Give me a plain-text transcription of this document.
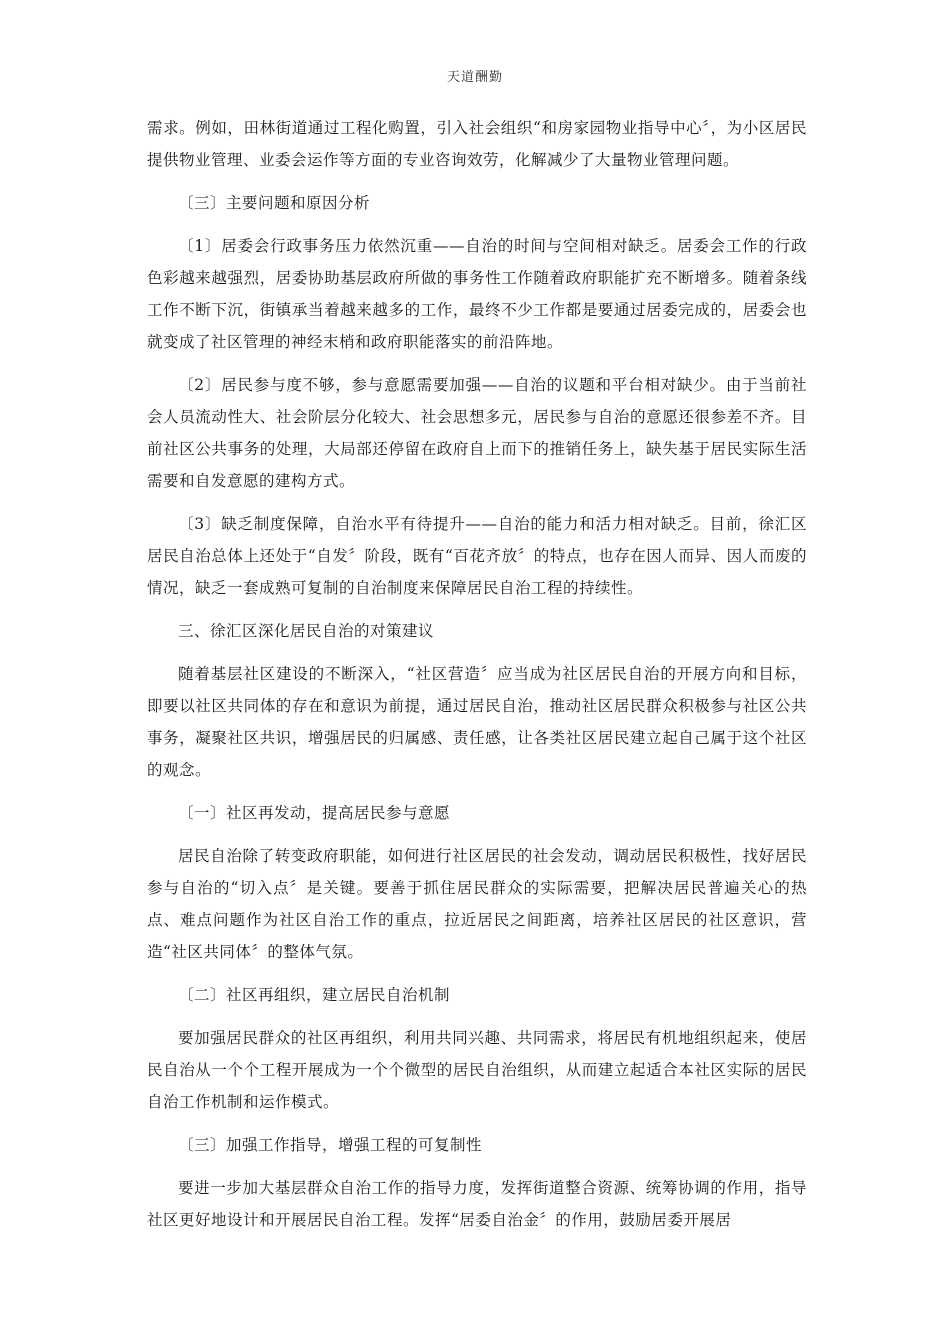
天道酬勤

需求。例如，田林街道通过工程化购置，引入社会组织“和房家园物业指导中心〞，为小区居民提供物业管理、业委会运作等方面的专业咨询效劳，化解减少了大量物业管理问题。

〔三〕主要问题和原因分析

〔1〕居委会行政事务压力依然沉重——自治的时间与空间相对缺乏。居委会工作的行政色彩越来越强烈，居委协助基层政府所做的事务性工作随着政府职能扩充不断增多。随着条线工作不断下沉，街镇承当着越来越多的工作，最终不少工作都是要通过居委完成的，居委会也就变成了社区管理的神经末梢和政府职能落实的前沿阵地。

〔2〕居民参与度不够，参与意愿需要加强——自治的议题和平台相对缺少。由于当前社会人员流动性大、社会阶层分化较大、社会思想多元，居民参与自治的意愿还很参差不齐。目前社区公共事务的处理，大局部还停留在政府自上而下的推销任务上，缺失基于居民实际生活需要和自发意愿的建构方式。

〔3〕缺乏制度保障，自治水平有待提升——自治的能力和活力相对缺乏。目前，徐汇区居民自治总体上还处于“自发〞阶段，既有“百花齐放〞的特点，也存在因人而异、因人而废的情况，缺乏一套成熟可复制的自治制度来保障居民自治工程的持续性。

三、徐汇区深化居民自治的对策建议

随着基层社区建设的不断深入，“社区营造〞应当成为社区居民自治的开展方向和目标，即要以社区共同体的存在和意识为前提，通过居民自治，推动社区居民群众积极参与社区公共事务，凝聚社区共识，增强居民的归属感、责任感，让各类社区居民建立起自己属于这个社区的观念。

〔一〕社区再发动，提高居民参与意愿

居民自治除了转变政府职能，如何进行社区居民的社会发动，调动居民积极性，找好居民参与自治的“切入点〞是关键。要善于抓住居民群众的实际需要，把解决居民普遍关心的热点、难点问题作为社区自治工作的重点，拉近居民之间距离，培养社区居民的社区意识，营造“社区共同体〞的整体气氛。

〔二〕社区再组织，建立居民自治机制

要加强居民群众的社区再组织，利用共同兴趣、共同需求，将居民有机地组织起来，使居民自治从一个个工程开展成为一个个微型的居民自治组织，从而建立起适合本社区实际的居民自治工作机制和运作模式。

〔三〕加强工作指导，增强工程的可复制性

要进一步加大基层群众自治工作的指导力度，发挥街道整合资源、统筹协调的作用，指导社区更好地设计和开展居民自治工程。发挥“居委自治金〞的作用，鼓励居委开展居
